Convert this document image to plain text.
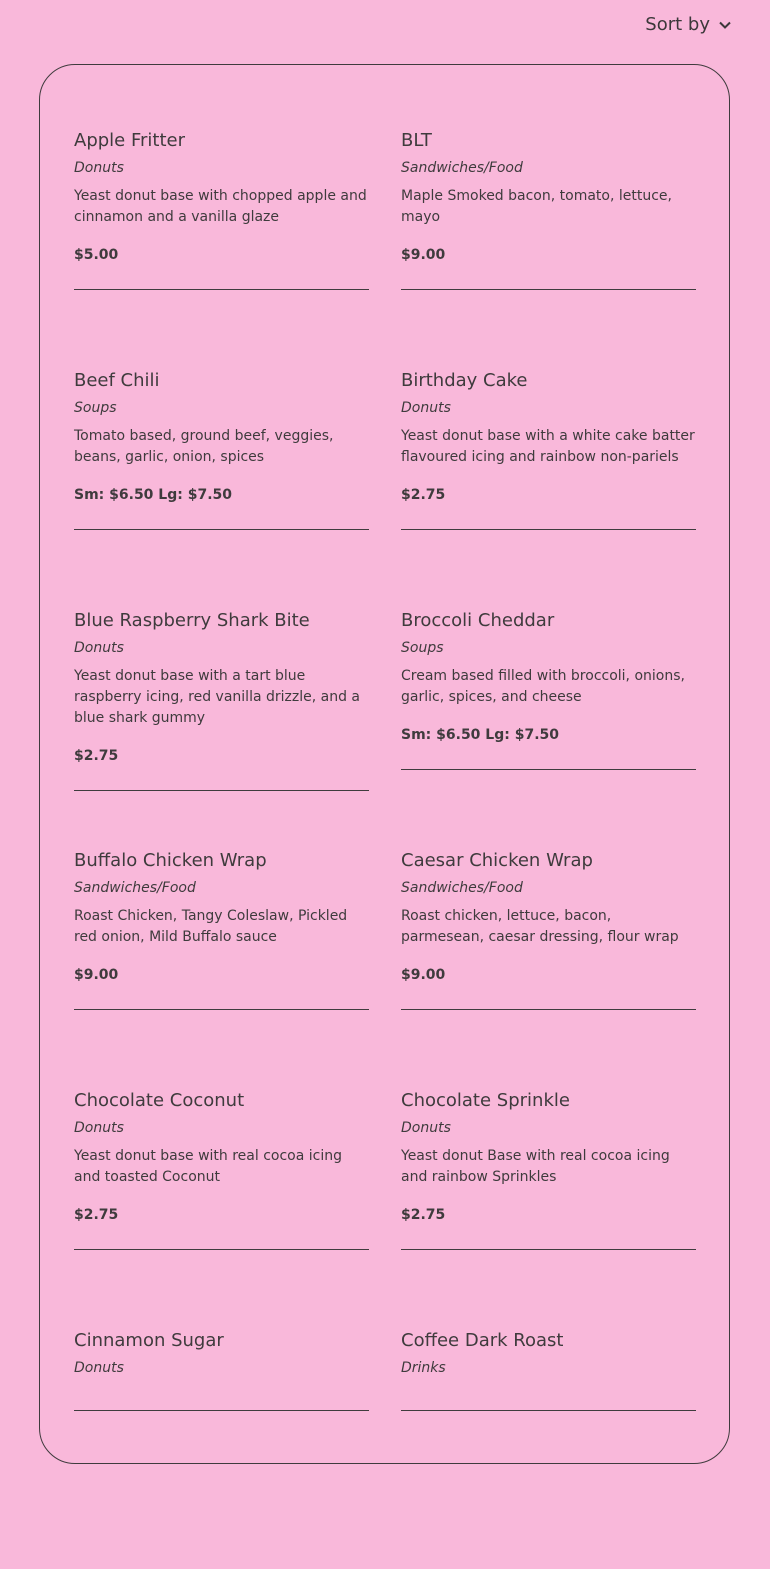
Sort by
Apple Fritter
Donuts
Yeast donut base with chopped apple and cinnamon and a vanilla glaze
$5.00
BLT
Sandwiches/Food
Maple Smoked bacon, tomato, lettuce, mayo
$9.00
Beef Chili
Soups
Tomato based, ground beef, veggies, beans, garlic, onion, spices
Sm: $6.50 Lg: $7.50
Birthday Cake
Donuts
Yeast donut base with a white cake batter flavoured icing and rainbow non-pariels
$2.75
Blue Raspberry Shark Bite
Donuts
Yeast donut base with a tart blue raspberry icing, red vanilla drizzle, and a blue shark gummy
$2.75
Broccoli Cheddar
Soups
Cream based filled with broccoli, onions, garlic, spices, and cheese
Sm: $6.50 Lg: $7.50
Buffalo Chicken Wrap
Sandwiches/Food
Roast Chicken, Tangy Coleslaw, Pickled red onion, Mild Buffalo sauce
$9.00
Caesar Chicken Wrap
Sandwiches/Food
Roast chicken, lettuce, bacon, parmesean, caesar dressing, flour wrap
$9.00
Chocolate Coconut
Donuts
Yeast donut base with real cocoa icing and toasted Coconut
$2.75
Chocolate Sprinkle
Donuts
Yeast donut Base with real cocoa icing and rainbow Sprinkles
$2.75
Cinnamon Sugar
Donuts
Coffee Dark Roast
Drinks
